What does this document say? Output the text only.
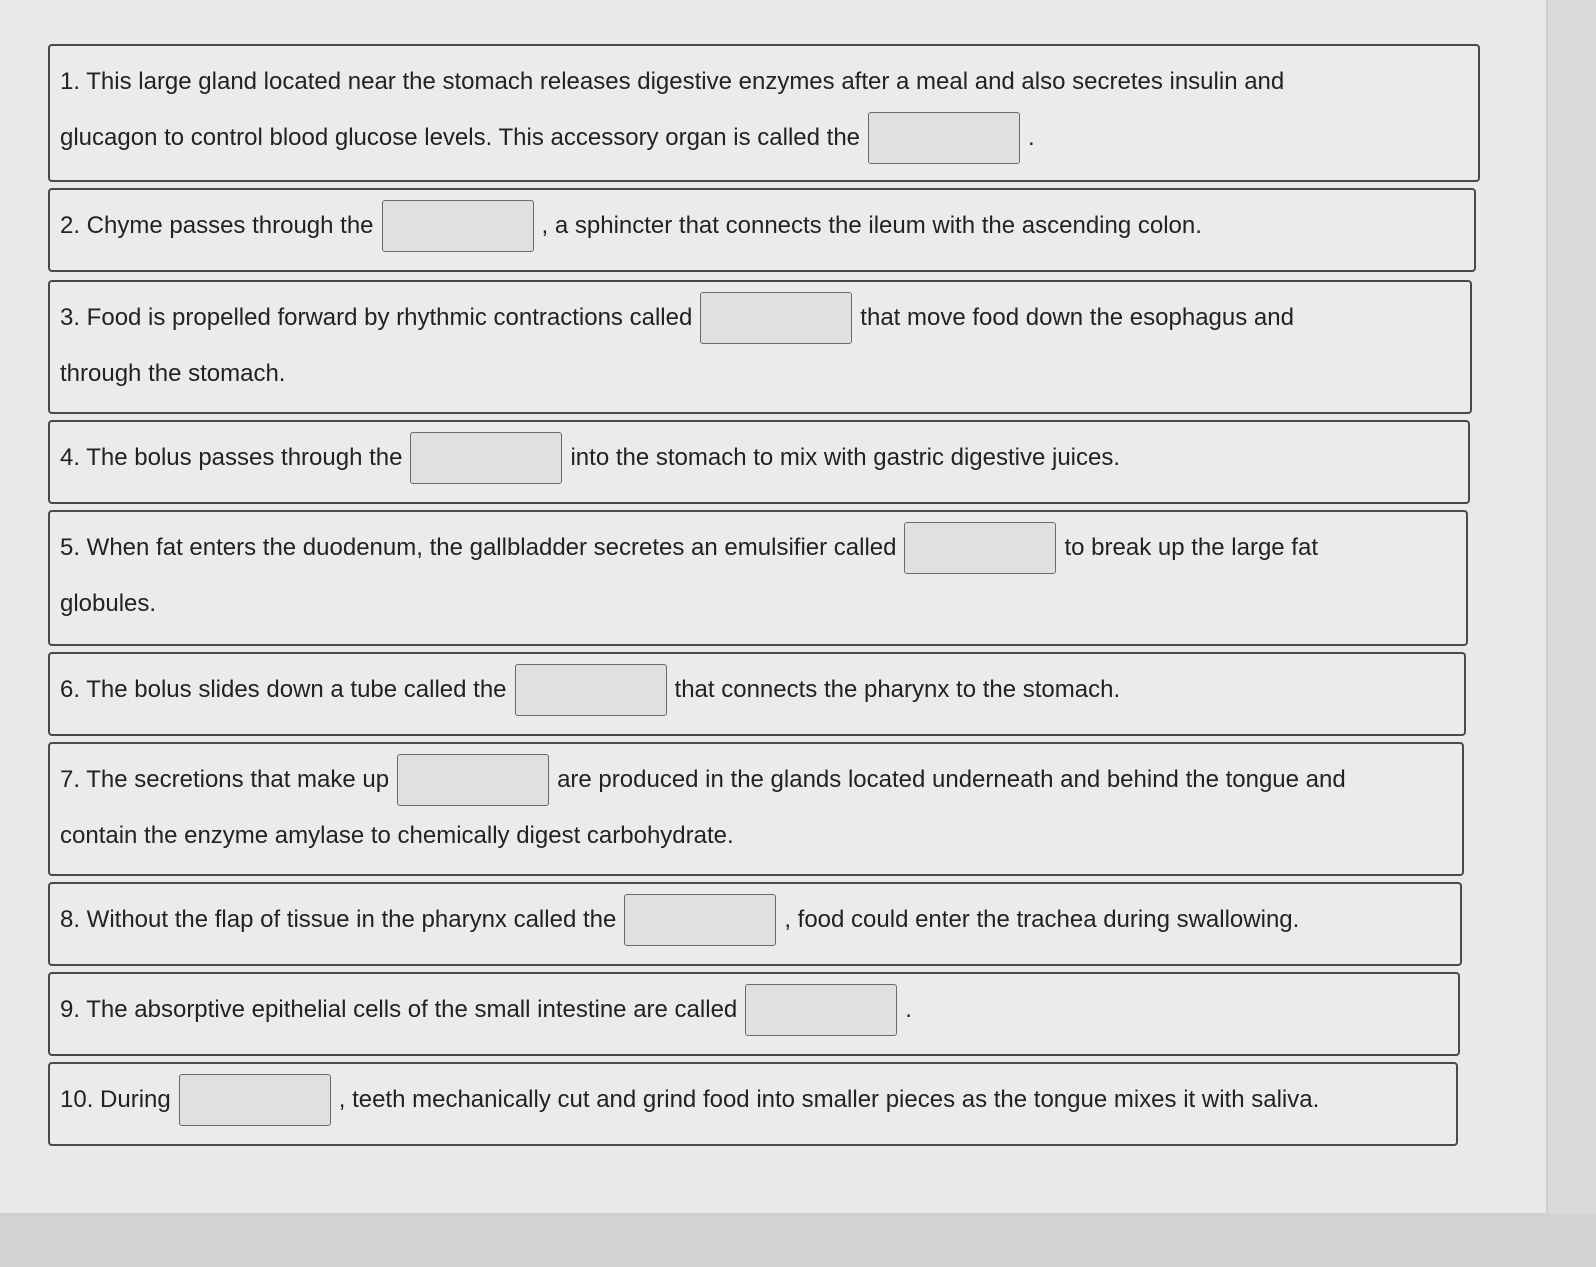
1. This large gland located near the stomach releases digestive enzymes after a meal and also secretes insulin and
glucagon to control blood glucose levels. This accessory organ is called the	.
2. Chyme passes through the	, a sphincter that connects the ileum with the ascending colon.
3. Food is propelled forward by rhythmic contractions called	that move food down the esophagus and
through the stomach.
4. The bolus passes through the	into the stomach to mix with gastric digestive juices.
5. When fat enters the duodenum, the gallbladder secretes an emulsifier called	to break up the large fat
globules.
6. The bolus slides down a tube called the	that connects the pharynx to the stomach.
7. The secretions that make up	are produced in the glands located underneath and behind the tongue and
contain the enzyme amylase to chemically digest carbohydrate.
8. Without the flap of tissue in the pharynx called the	, food could enter the trachea during swallowing.
9. The absorptive epithelial cells of the small intestine are called	.
10. During	, teeth mechanically cut and grind food into smaller pieces as the tongue mixes it with saliva.
